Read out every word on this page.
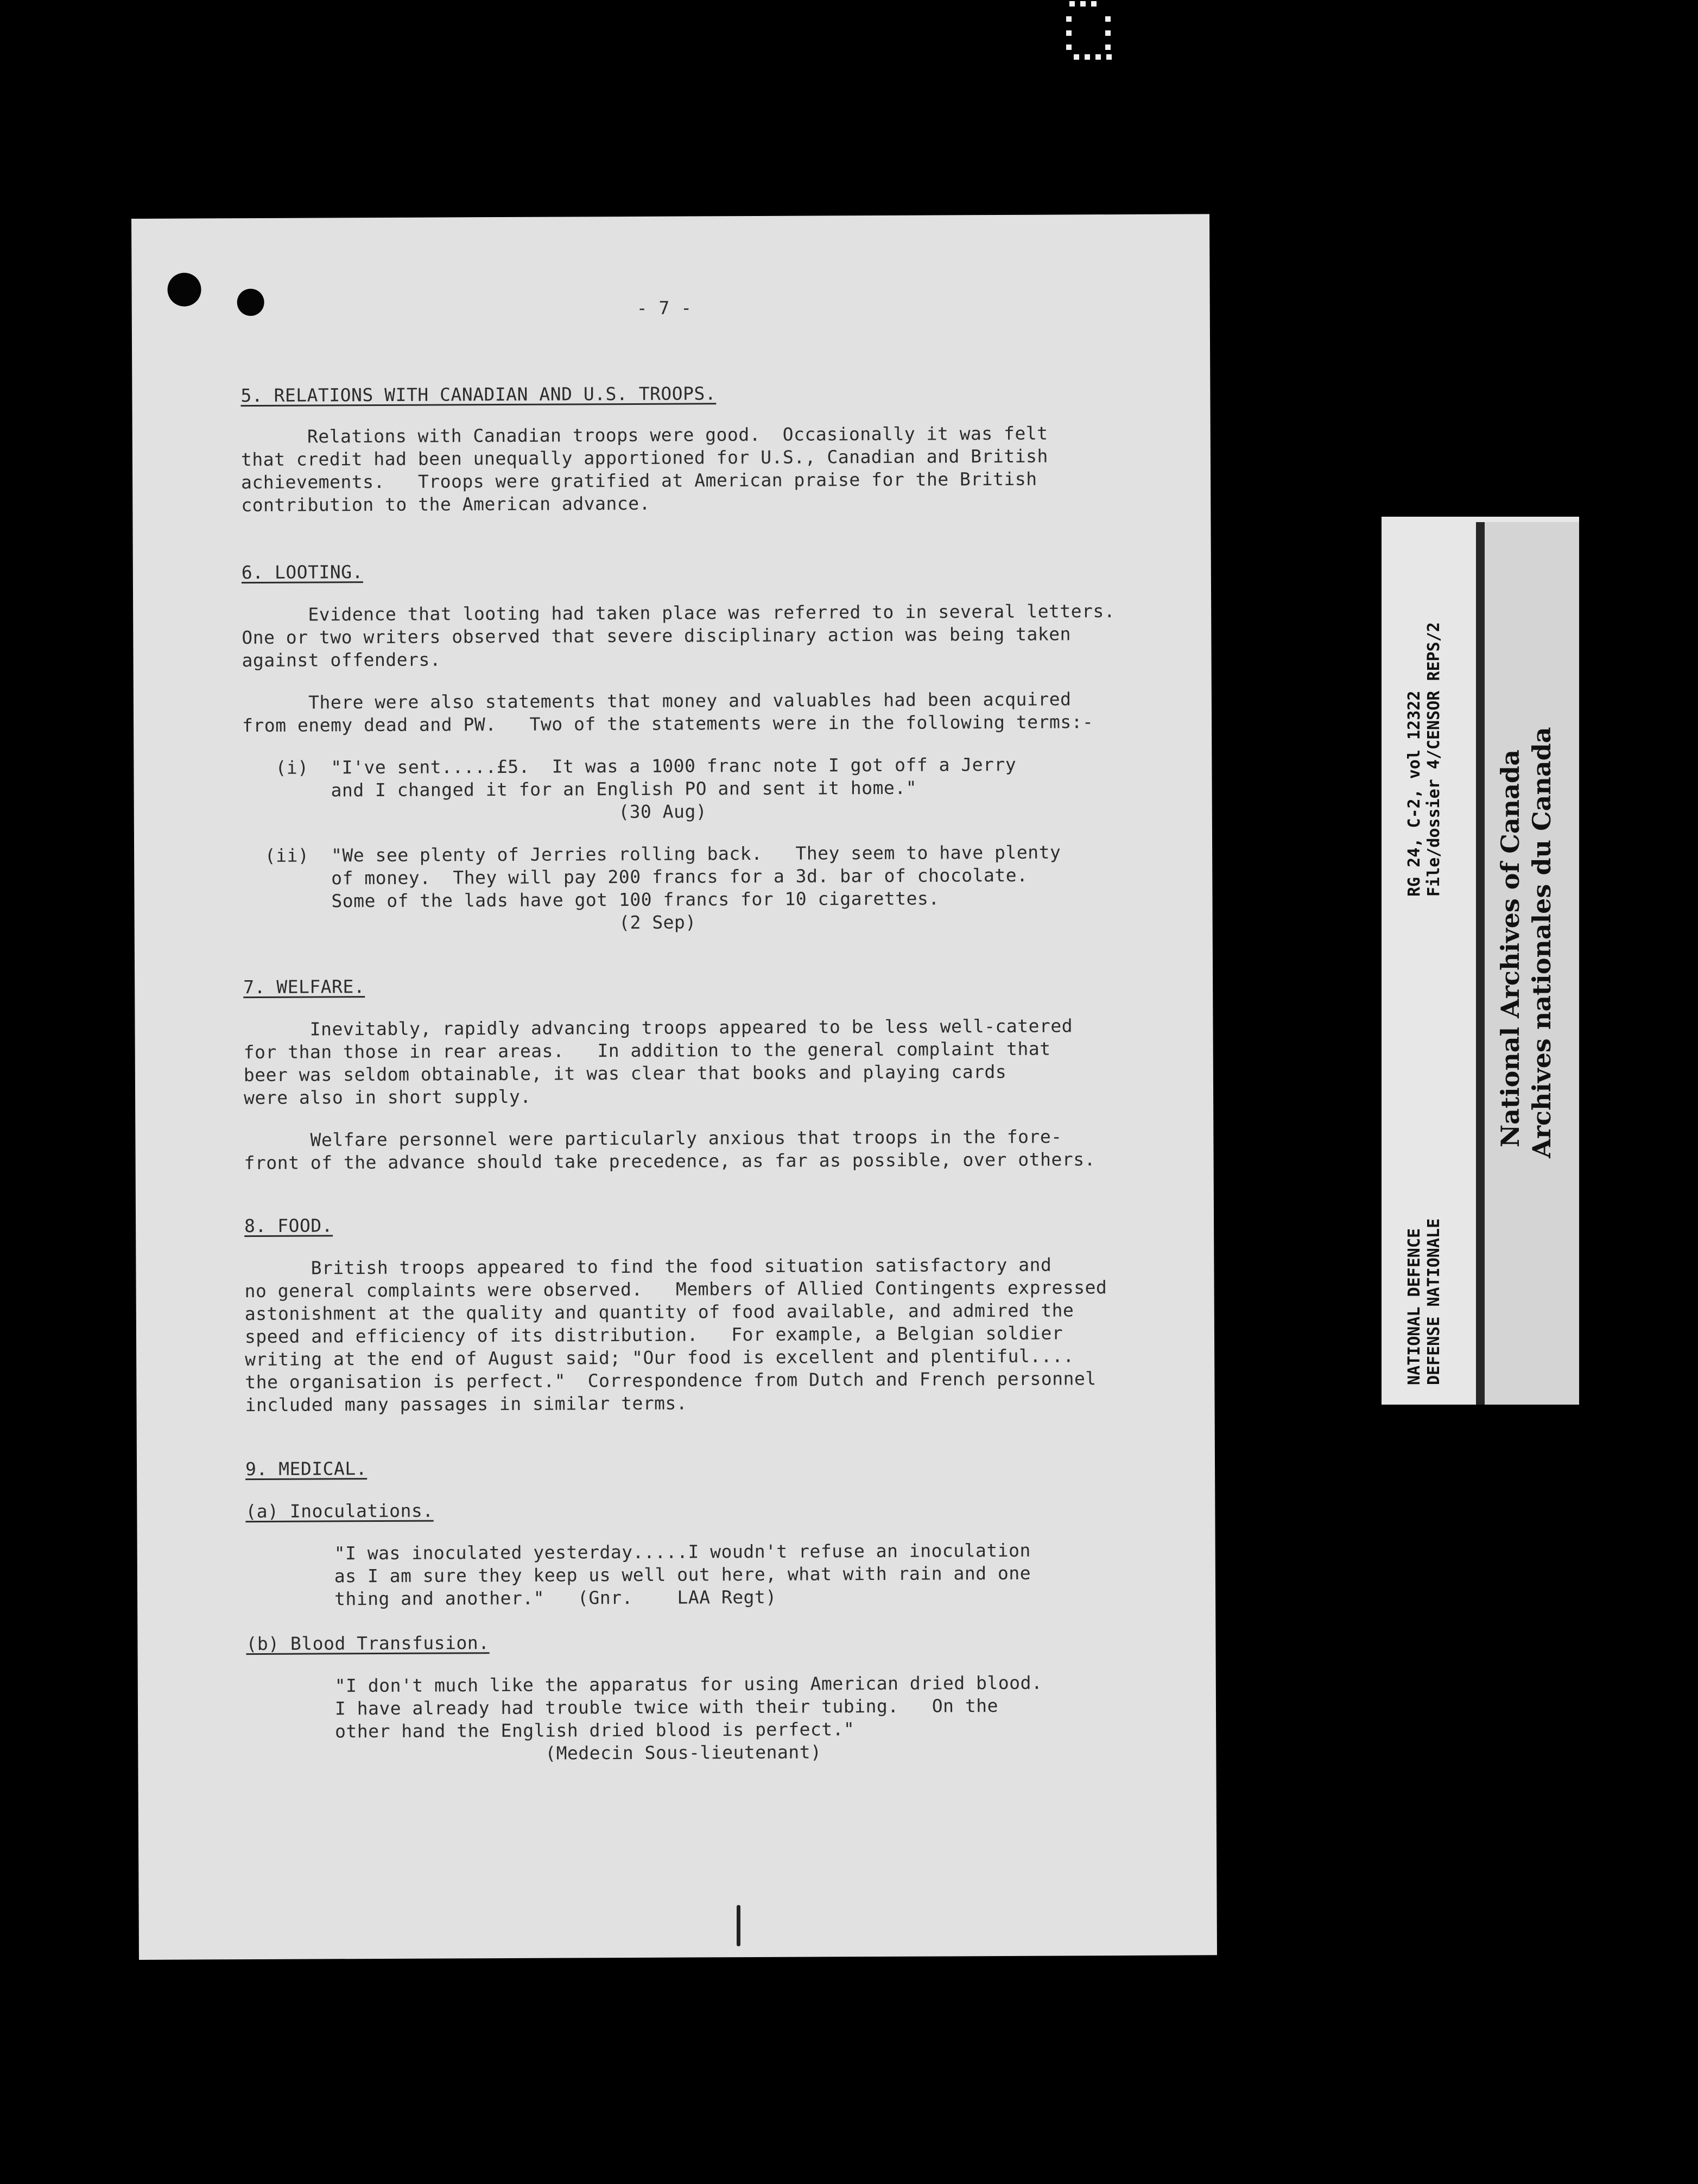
- 7 -
5. RELATIONS WITH CANADIAN AND U.S. TROOPS.
Relations with Canadian troops were good.  Occasionally it was felt
that credit had been unequally apportioned for U.S., Canadian and British
achievements.   Troops were gratified at American praise for the British
contribution to the American advance.
6. LOOTING.
Evidence that looting had taken place was referred to in several letters.
One or two writers observed that severe disciplinary action was being taken
against offenders.
There were also statements that money and valuables had been acquired
from enemy dead and PW.   Two of the statements were in the following terms:-
(i)  "I've sent.....£5.  It was a 1000 franc note I got off a Jerry
and I changed it for an English PO and sent it home."
(30 Aug)
(ii)  "We see plenty of Jerries rolling back.   They seem to have plenty
of money.  They will pay 200 francs for a 3d. bar of chocolate.
Some of the lads have got 100 francs for 10 cigarettes.
(2 Sep)
7. WELFARE.
Inevitably, rapidly advancing troops appeared to be less well-catered
for than those in rear areas.   In addition to the general complaint that
beer was seldom obtainable, it was clear that books and playing cards
were also in short supply.
Welfare personnel were particularly anxious that troops in the fore-
front of the advance should take precedence, as far as possible, over others.
8. FOOD.
British troops appeared to find the food situation satisfactory and
no general complaints were observed.   Members of Allied Contingents expressed
astonishment at the quality and quantity of food available, and admired the
speed and efficiency of its distribution.   For example, a Belgian soldier
writing at the end of August said; "Our food is excellent and plentiful....
the organisation is perfect."  Correspondence from Dutch and French personnel
included many passages in similar terms.
9. MEDICAL.
(a) Inoculations.
"I was inoculated yesterday.....I woudn't refuse an inoculation
as I am sure they keep us well out here, what with rain and one
thing and another."   (Gnr.    LAA Regt)
(b) Blood Transfusion.
"I don't much like the apparatus for using American dried blood.
I have already had trouble twice with their tubing.   On the
other hand the English dried blood is perfect."
(Medecin Sous-lieutenant)
RG 24, C-2, vol 12322 File/dossier 4/CENSOR REPS/2
NATIONAL DEFENCE DEFENSE NATIONALE
National Archives of Canada Archives nationales du Canada
